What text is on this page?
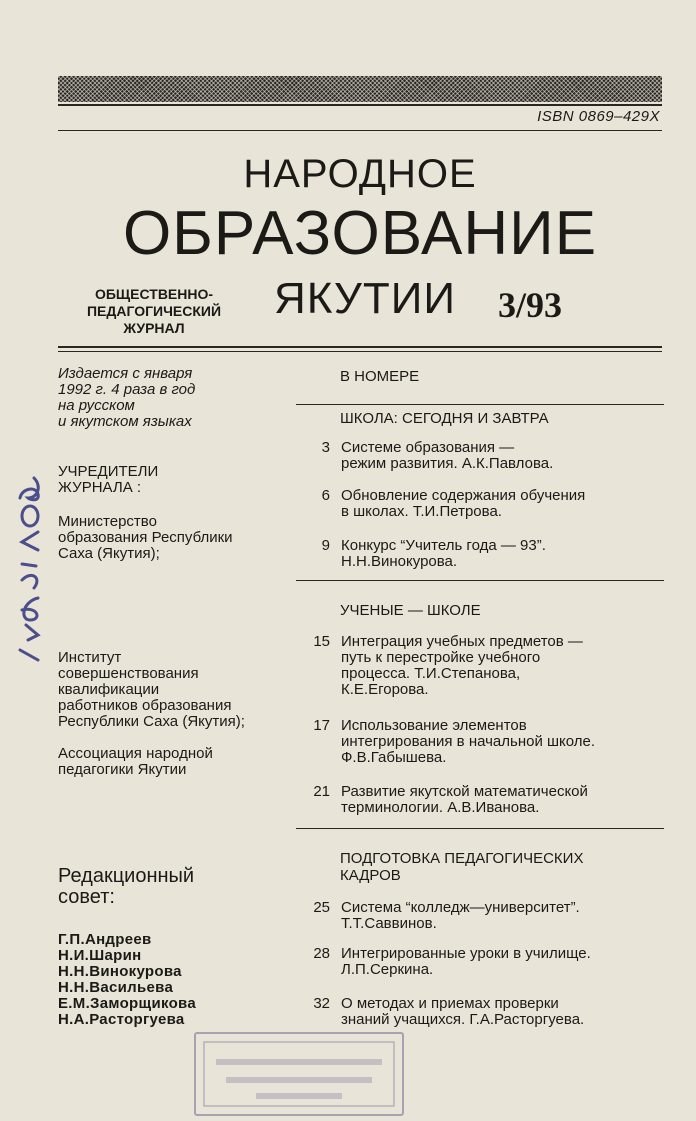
ISBN 0869–429X
НАРОДНОЕ
ОБРАЗОВАНИЕ
ЯКУТИИ 3/93
ОБЩЕСТВЕННО-
ПЕДАГОГИЧЕСКИЙ
ЖУРНАЛ
Издается с января
1992 г. 4 раза в год
на русском
и якутском языках
УЧРЕДИТЕЛИ
ЖУРНАЛА :
Министерство
образования Республики
Саха (Якутия);
Институт
совершенствования
квалификации
работников образования
Республики Саха (Якутия);
Ассоциация народной
педагогики Якутии
Редакционный
совет:
Г.П.Андреев
Н.И.Шарин
Н.Н.Винокурова
Н.Н.Васильева
Е.М.Заморщикова
Н.А.Расторгуева
В НОМЕРЕ
ШКОЛА: СЕГОДНЯ И ЗАВТРА
3 Системе образования —
режим развития. А.К.Павлова.
6 Обновление содержания обучения
в школах. Т.И.Петрова.
9 Конкурс “Учитель года — 93”.
Н.Н.Винокурова.
УЧЕНЫЕ — ШКОЛЕ
15 Интеграция учебных предметов —
путь к перестройке учебного
процесса. Т.И.Степанова,
К.Е.Егорова.
17 Использование элементов
интегрирования в начальной школе.
Ф.В.Габышева.
21 Развитие якутской математической
терминологии. А.В.Иванова.
ПОДГОТОВКА ПЕДАГОГИЧЕСКИХ
КАДРОВ
25 Система “колледж—университет”.
Т.Т.Саввинов.
28 Интегрированные уроки в училище.
Л.П.Серкина.
32 О методах и приемах проверки
знаний учащихся. Г.А.Расторгуева.
